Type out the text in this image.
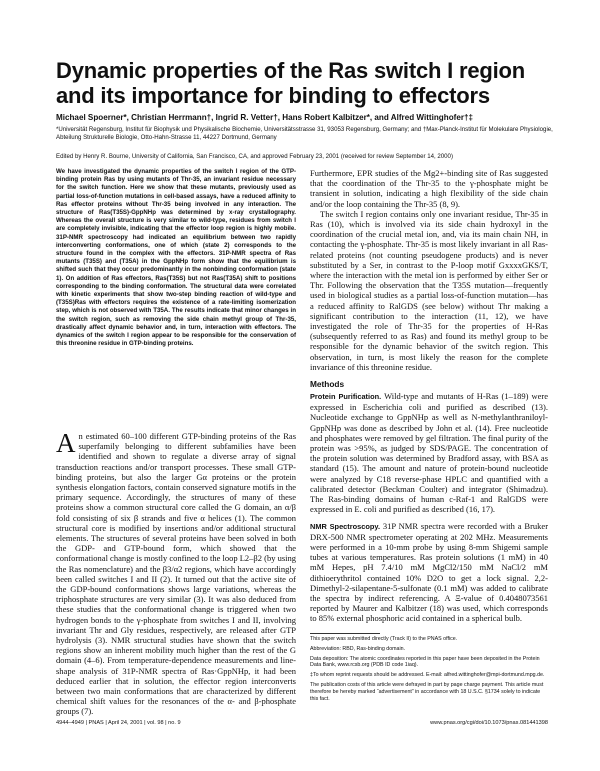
Dynamic properties of the Ras switch I region and its importance for binding to effectors
Michael Spoerner*, Christian Herrmann†, Ingrid R. Vetter†, Hans Robert Kalbitzer*, and Alfred Wittinghofer†‡
*Universität Regensburg, Institut für Biophysik und Physikalische Biochemie, Universitätsstrasse 31, 93053 Regensburg, Germany; and †Max-Planck-Institut für Molekulare Physiologie, Abteilung Strukturelle Biologie, Otto-Hahn-Strasse 11, 44227 Dortmund, Germany
Edited by Henry R. Bourne, University of California, San Francisco, CA, and approved February 23, 2001 (received for review September 14, 2000)

We have investigated the dynamic properties of the switch I region of the GTP-binding protein Ras by using mutants of Thr-35, an invariant residue necessary for the switch function. Here we show that these mutants, previously used as partial loss-of-function mutations in cell-based assays, have a reduced affinity to Ras effector proteins without Thr-35 being involved in any interaction. The structure of Ras(T35S)-GppNHp was determined by x-ray crystallography. Whereas the overall structure is very similar to wild-type, residues from switch I are completely invisible, indicating that the effector loop region is highly mobile. 31P-NMR spectroscopy had indicated an equilibrium between two rapidly interconverting conformations, one of which (state 2) corresponds to the structure found in the complex with the effectors. 31P-NMR spectra of Ras mutants (T35S) and (T35A) in the GppNHp form show that the equilibrium is shifted such that they occur predominantly in the nonbinding conformation (state 1). On addition of Ras effectors, Ras(T35S) but not Ras(T35A) shift to positions corresponding to the binding conformation. The structural data were correlated with kinetic experiments that show two-step binding reaction of wild-type and (T35S)Ras with effectors requires the existence of a rate-limiting isomerization step, which is not observed with T35A. The results indicate that minor changes in the switch region, such as removing the side chain methyl group of Thr-35, drastically affect dynamic behavior and, in turn, interaction with effectors. The dynamics of the switch I region appear to be responsible for the conservation of this threonine residue in GTP-binding proteins.

An estimated 60–100 different GTP-binding proteins of the Ras superfamily belonging to different subfamilies have been identified and shown to regulate a diverse array of signal transduction reactions and/or transport processes. These small GTP-binding proteins, but also the larger Gα proteins or the protein synthesis elongation factors, contain conserved signature motifs in the primary sequence. Accordingly, the structures of many of these proteins show a common structural core called the G domain, an α/β fold consisting of six β strands and five α helices (1). The common structural core is modified by insertions and/or additional structural elements. The structures of several proteins have been solved in both the GDP- and GTP-bound form, which showed that the conformational change is mostly confined to the loop L2–β2 (by using the Ras nomenclature) and the β3/α2 regions, which have accordingly been called switches I and II (2). It turned out that the active site of the GDP-bound conformations shows large variations, whereas the triphosphate structures are very similar (3). It was also deduced from these studies that the conformational change is triggered when two hydrogen bonds to the γ-phosphate from switches I and II, involving invariant Thr and Gly residues, respectively, are released after GTP hydrolysis (3). NMR structural studies have shown that the switch regions show an inherent mobility much higher than the rest of the G domain (4–6). From temperature-dependence measurements and line-shape analysis of 31P-NMR spectra of Ras·GppNHp, it had been deduced earlier that in solution, the effector region interconverts between two main conformations that are characterized by different chemical shift values for the resonances of the α- and β-phosphate groups (7).

Furthermore, EPR studies of the Mg2+-binding site of Ras suggested that the coordination of the Thr-35 to the γ-phosphate might be transient in solution, indicating a high flexibility of the side chain and/or the loop containing the Thr-35 (8, 9).

The switch I region contains only one invariant residue, Thr-35 in Ras (10), which is involved via its side chain hydroxyl in the coordination of the crucial metal ion, and, via its main chain NH, in contacting the γ-phosphate. Thr-35 is most likely invariant in all Ras-related proteins (not counting pseudogene products) and is never substituted by a Ser, in contrast to the P-loop motif GxxxxGKS/T, where the interaction with the metal ion is performed by either Ser or Thr. Following the observation that the T35S mutation—frequently used in biological studies as a partial loss-of-function mutation—has a reduced affinity to RalGDS (see below) without Thr making a significant contribution to the interaction (11, 12), we have investigated the role of Thr-35 for the properties of H-Ras (subsequently referred to as Ras) and found its methyl group to be responsible for the dynamic behavior of the switch region. This observation, in turn, is most likely the reason for the complete invariance of this threonine residue.

Methods

Protein Purification. Wild-type and mutants of H-Ras (1–189) were expressed in Escherichia coli and purified as described (13). Nucleotide exchange to GppNHp as well as N-methylanthraniloyl-GppNHp was done as described by John et al. (14). Free nucleotide and phosphates were removed by gel filtration. The final purity of the protein was >95%, as judged by SDS/PAGE. The concentration of the protein solution was determined by Bradford assay, with BSA as standard (15). The amount and nature of protein-bound nucleotide were analyzed by C18 reverse-phase HPLC and quantified with a calibrated detector (Beckman Coulter) and integrator (Shimadzu). The Ras-binding domains of human c-Raf-1 and RalGDS were expressed in E. coli and purified as described (16, 17).

NMR Spectroscopy. 31P NMR spectra were recorded with a Bruker DRX-500 NMR spectrometer operating at 202 MHz. Measurements were performed in a 10-mm probe by using 8-mm Shigemi sample tubes at various temperatures. Ras protein solutions (1 mM) in 40 mM Hepes, pH 7.4/10 mM MgCl2/150 mM NaCl/2 mM dithioerythritol contained 10% D2O to get a lock signal. 2,2-Dimethyl-2-silapentane-5-sulfonate (0.1 mM) was added to calibrate the spectra by indirect referencing. A Ξ-value of 0.4048073561 reported by Maurer and Kalbitzer (18) was used, which corresponds to 85% external phosphoric acid contained in a spherical bulb.

This paper was submitted directly (Track II) to the PNAS office.

Abbreviation: RBD, Ras-binding domain.

Data deposition: The atomic coordinates reported in this paper have been deposited in the Protein Data Bank, www.rcsb.org (PDB ID code 1iaq).

‡To whom reprint requests should be addressed. E-mail: alfred.wittinghofer@mpi-dortmund.mpg.de.

The publication costs of this article were defrayed in part by page charge payment. This article must therefore be hereby marked “advertisement” in accordance with 18 U.S.C. §1734 solely to indicate this fact.

4944–4949 | PNAS | April 24, 2001 | vol. 98 | no. 9	www.pnas.org/cgi/doi/10.1073/pnas.081441398
